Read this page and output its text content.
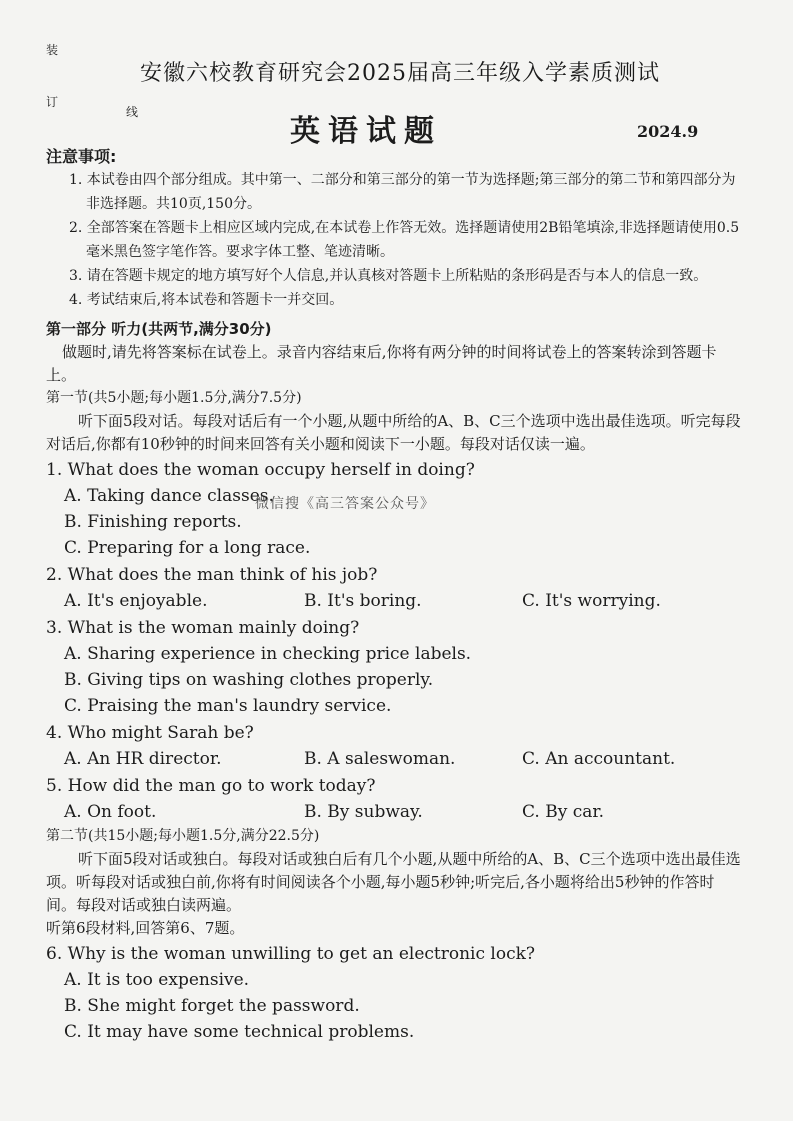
装
订
线
安徽六校教育研究会2025届高三年级入学素质测试
英语试题	2024.9
注意事项:
1. 本试卷由四个部分组成。其中第一、二部分和第三部分的第一节为选择题;第三部分的第二节和第四部分为非选择题。共10页,150分。
2. 全部答案在答题卡上相应区域内完成,在本试卷上作答无效。选择题请使用2B铅笔填涂,非选择题请使用0.5毫米黑色签字笔作答。要求字体工整、笔迹清晰。
3. 请在答题卡规定的地方填写好个人信息,并认真核对答题卡上所粘贴的条形码是否与本人的信息一致。
4. 考试结束后,将本试卷和答题卡一并交回。
第一部分 听力(共两节,满分30分)
做题时,请先将答案标在试卷上。录音内容结束后,你将有两分钟的时间将试卷上的答案转涂到答题卡上。
第一节(共5小题;每小题1.5分,满分7.5分)
听下面5段对话。每段对话后有一个小题,从题中所给的A、B、C三个选项中选出最佳选项。听完每段对话后,你都有10秒钟的时间来回答有关小题和阅读下一小题。每段对话仅读一遍。
1. What does the woman occupy herself in doing?
A. Taking dance classes.
B. Finishing reports.
C. Preparing for a long race.
2. What does the man think of his job?
A. It's enjoyable.	B. It's boring.	C. It's worrying.
3. What is the woman mainly doing?
A. Sharing experience in checking price labels.
B. Giving tips on washing clothes properly.
C. Praising the man's laundry service.
4. Who might Sarah be?
A. An HR director.	B. A saleswoman.	C. An accountant.
5. How did the man go to work today?
A. On foot.	B. By subway.	C. By car.
第二节(共15小题;每小题1.5分,满分22.5分)
听下面5段对话或独白。每段对话或独白后有几个小题,从题中所给的A、B、C三个选项中选出最佳选项。听每段对话或独白前,你将有时间阅读各个小题,每小题5秒钟;听完后,各小题将给出5秒钟的作答时间。每段对话或独白读两遍。
听第6段材料,回答第6、7题。
6. Why is the woman unwilling to get an electronic lock?
A. It is too expensive.
B. She might forget the password.
C. It may have some technical problems.
微信搜《高三答案公众号》
